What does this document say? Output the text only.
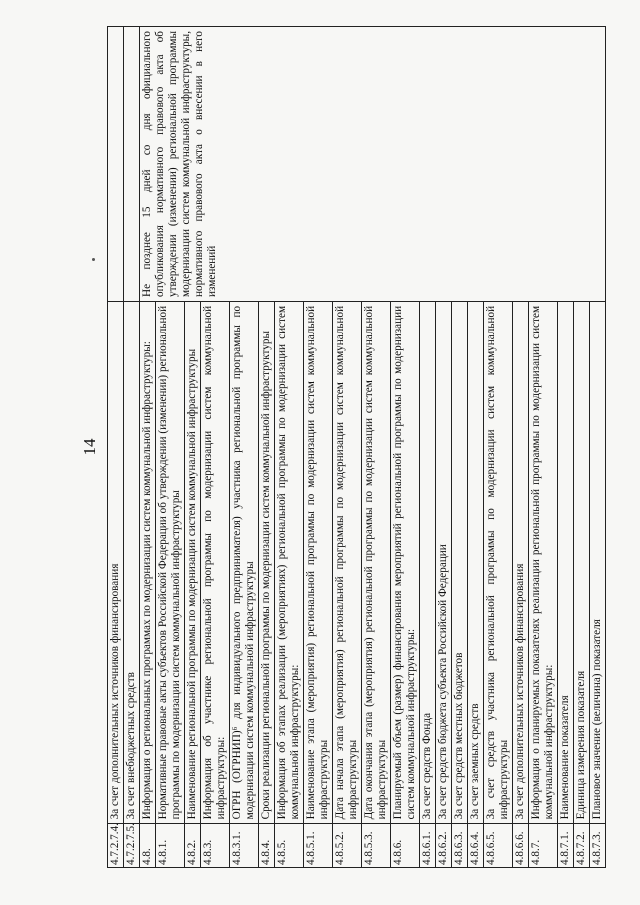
14
4.7.2.7.4.	За счет дополнительных источников финансирования	
4.7.2.7.5.	За счет внебюджетных средств	
4.8.	Информация о региональных программах по модернизации систем коммунальной инфраструктуры:	Не позднее 15 дней со дня официального опубликования нормативного правового акта об утверждении (изменении) региональной программы модернизации систем коммунальной инфраструктуры, нормативного правового акта о внесении в него изменений

4.8.1.	Нормативные правовые акты субъектов Российской Федерации об утверждении (изменении) региональной программы по модернизации систем коммунальной инфраструктуры	
4.8.2.	Наименование региональной программы по модернизации систем коммунальной инфраструктуры	
4.8.3.	Информация об участнике региональной программы по модернизации систем коммунальной инфраструктуры:	
4.8.3.1.	ОГРН (ОГРНИП)⁶ для индивидуального предпринимателя) участника региональной программы по модернизации систем коммунальной инфраструктуры	
4.8.4.	Сроки реализации региональной программы по модернизации систем коммунальной инфраструктуры	
4.8.5.	Информация об этапах реализации (мероприятиях) региональной программы по модернизации систем коммунальной инфраструктуры:	
4.8.5.1.	Наименование этапа (мероприятия) региональной программы по модернизации систем коммунальной инфраструктуры	
4.8.5.2.	Дата начала этапа (мероприятия) региональной программы по модернизации систем коммунальной инфраструктуры	
4.8.5.3.	Дата окончания этапа (мероприятия) региональной программы по модернизации систем коммунальной инфраструктуры	
4.8.6.	Планируемый объем (размер) финансирования мероприятий региональной программы по модернизации систем коммунальной инфраструктуры:	
4.8.6.1.	За счет средств Фонда	
4.8.6.2.	За счет средств бюджета субъекта Российской Федерации	
4.8.6.3.	За счет средств местных бюджетов	
4.8.6.4.	За счет заемных средств	
4.8.6.5.	За счет средств участника региональной программы по модернизации систем коммунальной инфраструктуры	
4.8.6.6.	За счет дополнительных источников финансирования	
4.8.7.	Информация о планируемых показателях реализации региональной программы по модернизации систем коммунальной инфраструктуры:	
4.8.7.1.	Наименование показателя	
4.8.7.2.	Единица измерения показателя	
4.8.7.3.	Плановое значение (величина) показателя	
